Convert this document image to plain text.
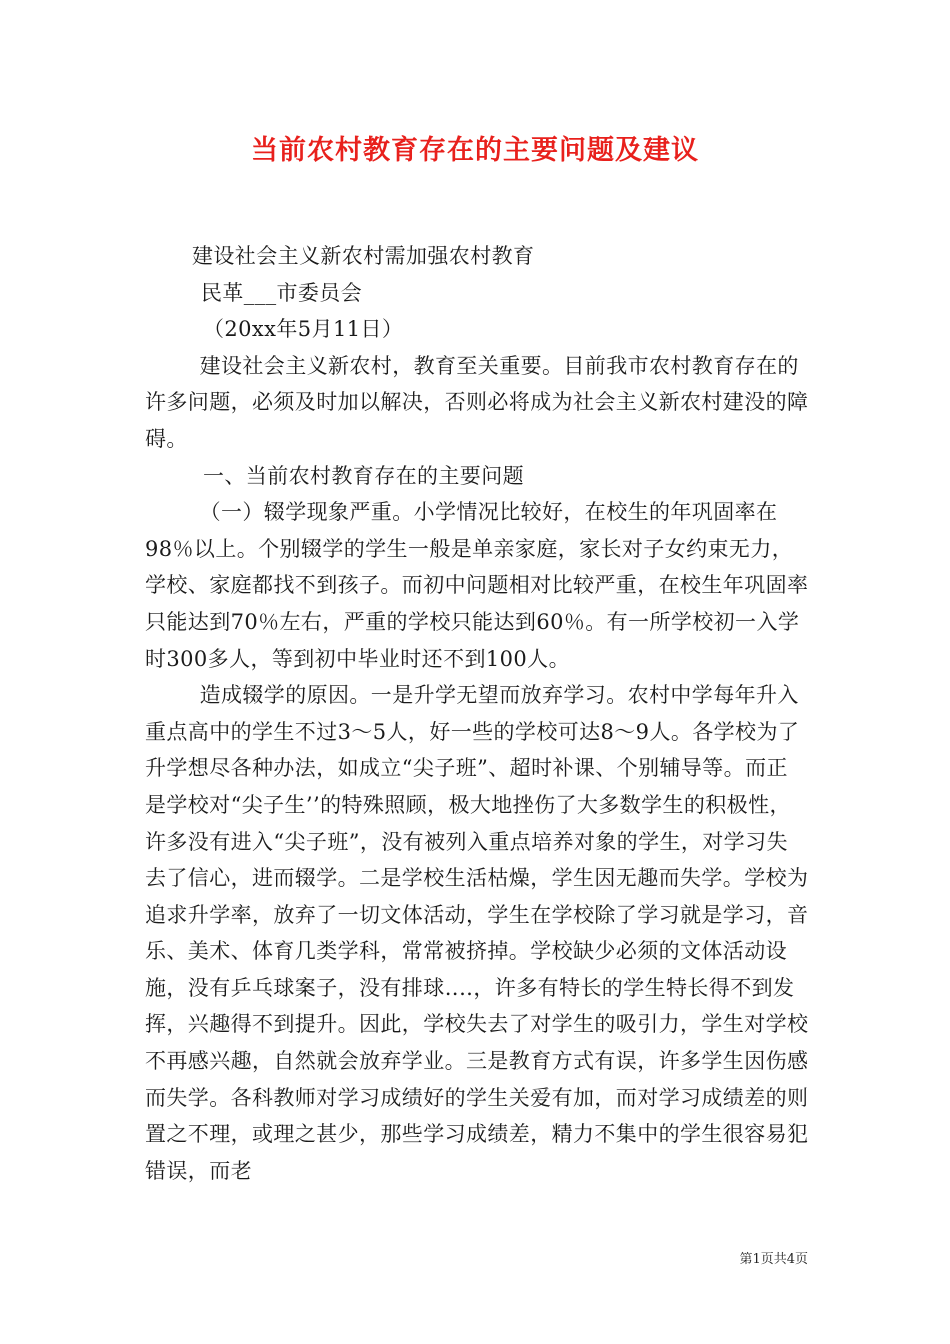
当前农村教育存在的主要问题及建议

建设社会主义新农村需加强农村教育

民革___市委员会

（20xx年5月11日）

建设社会主义新农村，教育至关重要。目前我市农村教育存在的许多问题，必须及时加以解决，否则必将成为社会主义新农村建没的障碍。

一、当前农村教育存在的主要问题

（一）辍学现象严重。小学情况比较好，在校生的年巩固率在98％以上。个别辍学的学生一般是单亲家庭，家长对子女约束无力，学校、家庭都找不到孩子。而初中问题相对比较严重，在校生年巩固率只能达到70％左右，严重的学校只能达到60％。有一所学校初一入学时300多人，等到初中毕业时还不到100人。

造成辍学的原因。一是升学无望而放弃学习。农村中学每年升入重点高中的学生不过3～5人，好一些的学校可达8～9人。各学校为了升学想尽各种办法，如成立“尖子班”、超时补课、个别辅导等。而正是学校对“尖子生’’的特殊照顾，极大地挫伤了大多数学生的积极性，许多没有进入“尖子班”，没有被列入重点培养对象的学生，对学习失去了信心，进而辍学。二是学校生活枯燥，学生因无趣而失学。学校为追求升学率，放弃了一切文体活动，学生在学校除了学习就是学习，音乐、美术、体育几类学科，常常被挤掉。学校缺少必须的文体活动设施，没有乒乓球案子，没有排球‥‥，许多有特长的学生特长得不到发挥，兴趣得不到提升。因此，学校失去了对学生的吸引力，学生对学校不再感兴趣，自然就会放弃学业。三是教育方式有误，许多学生因伤感而失学。各科教师对学习成绩好的学生关爱有加，而对学习成绩差的则置之不理，或理之甚少，那些学习成绩差，精力不集中的学生很容易犯错误，而老

第1页共4页
